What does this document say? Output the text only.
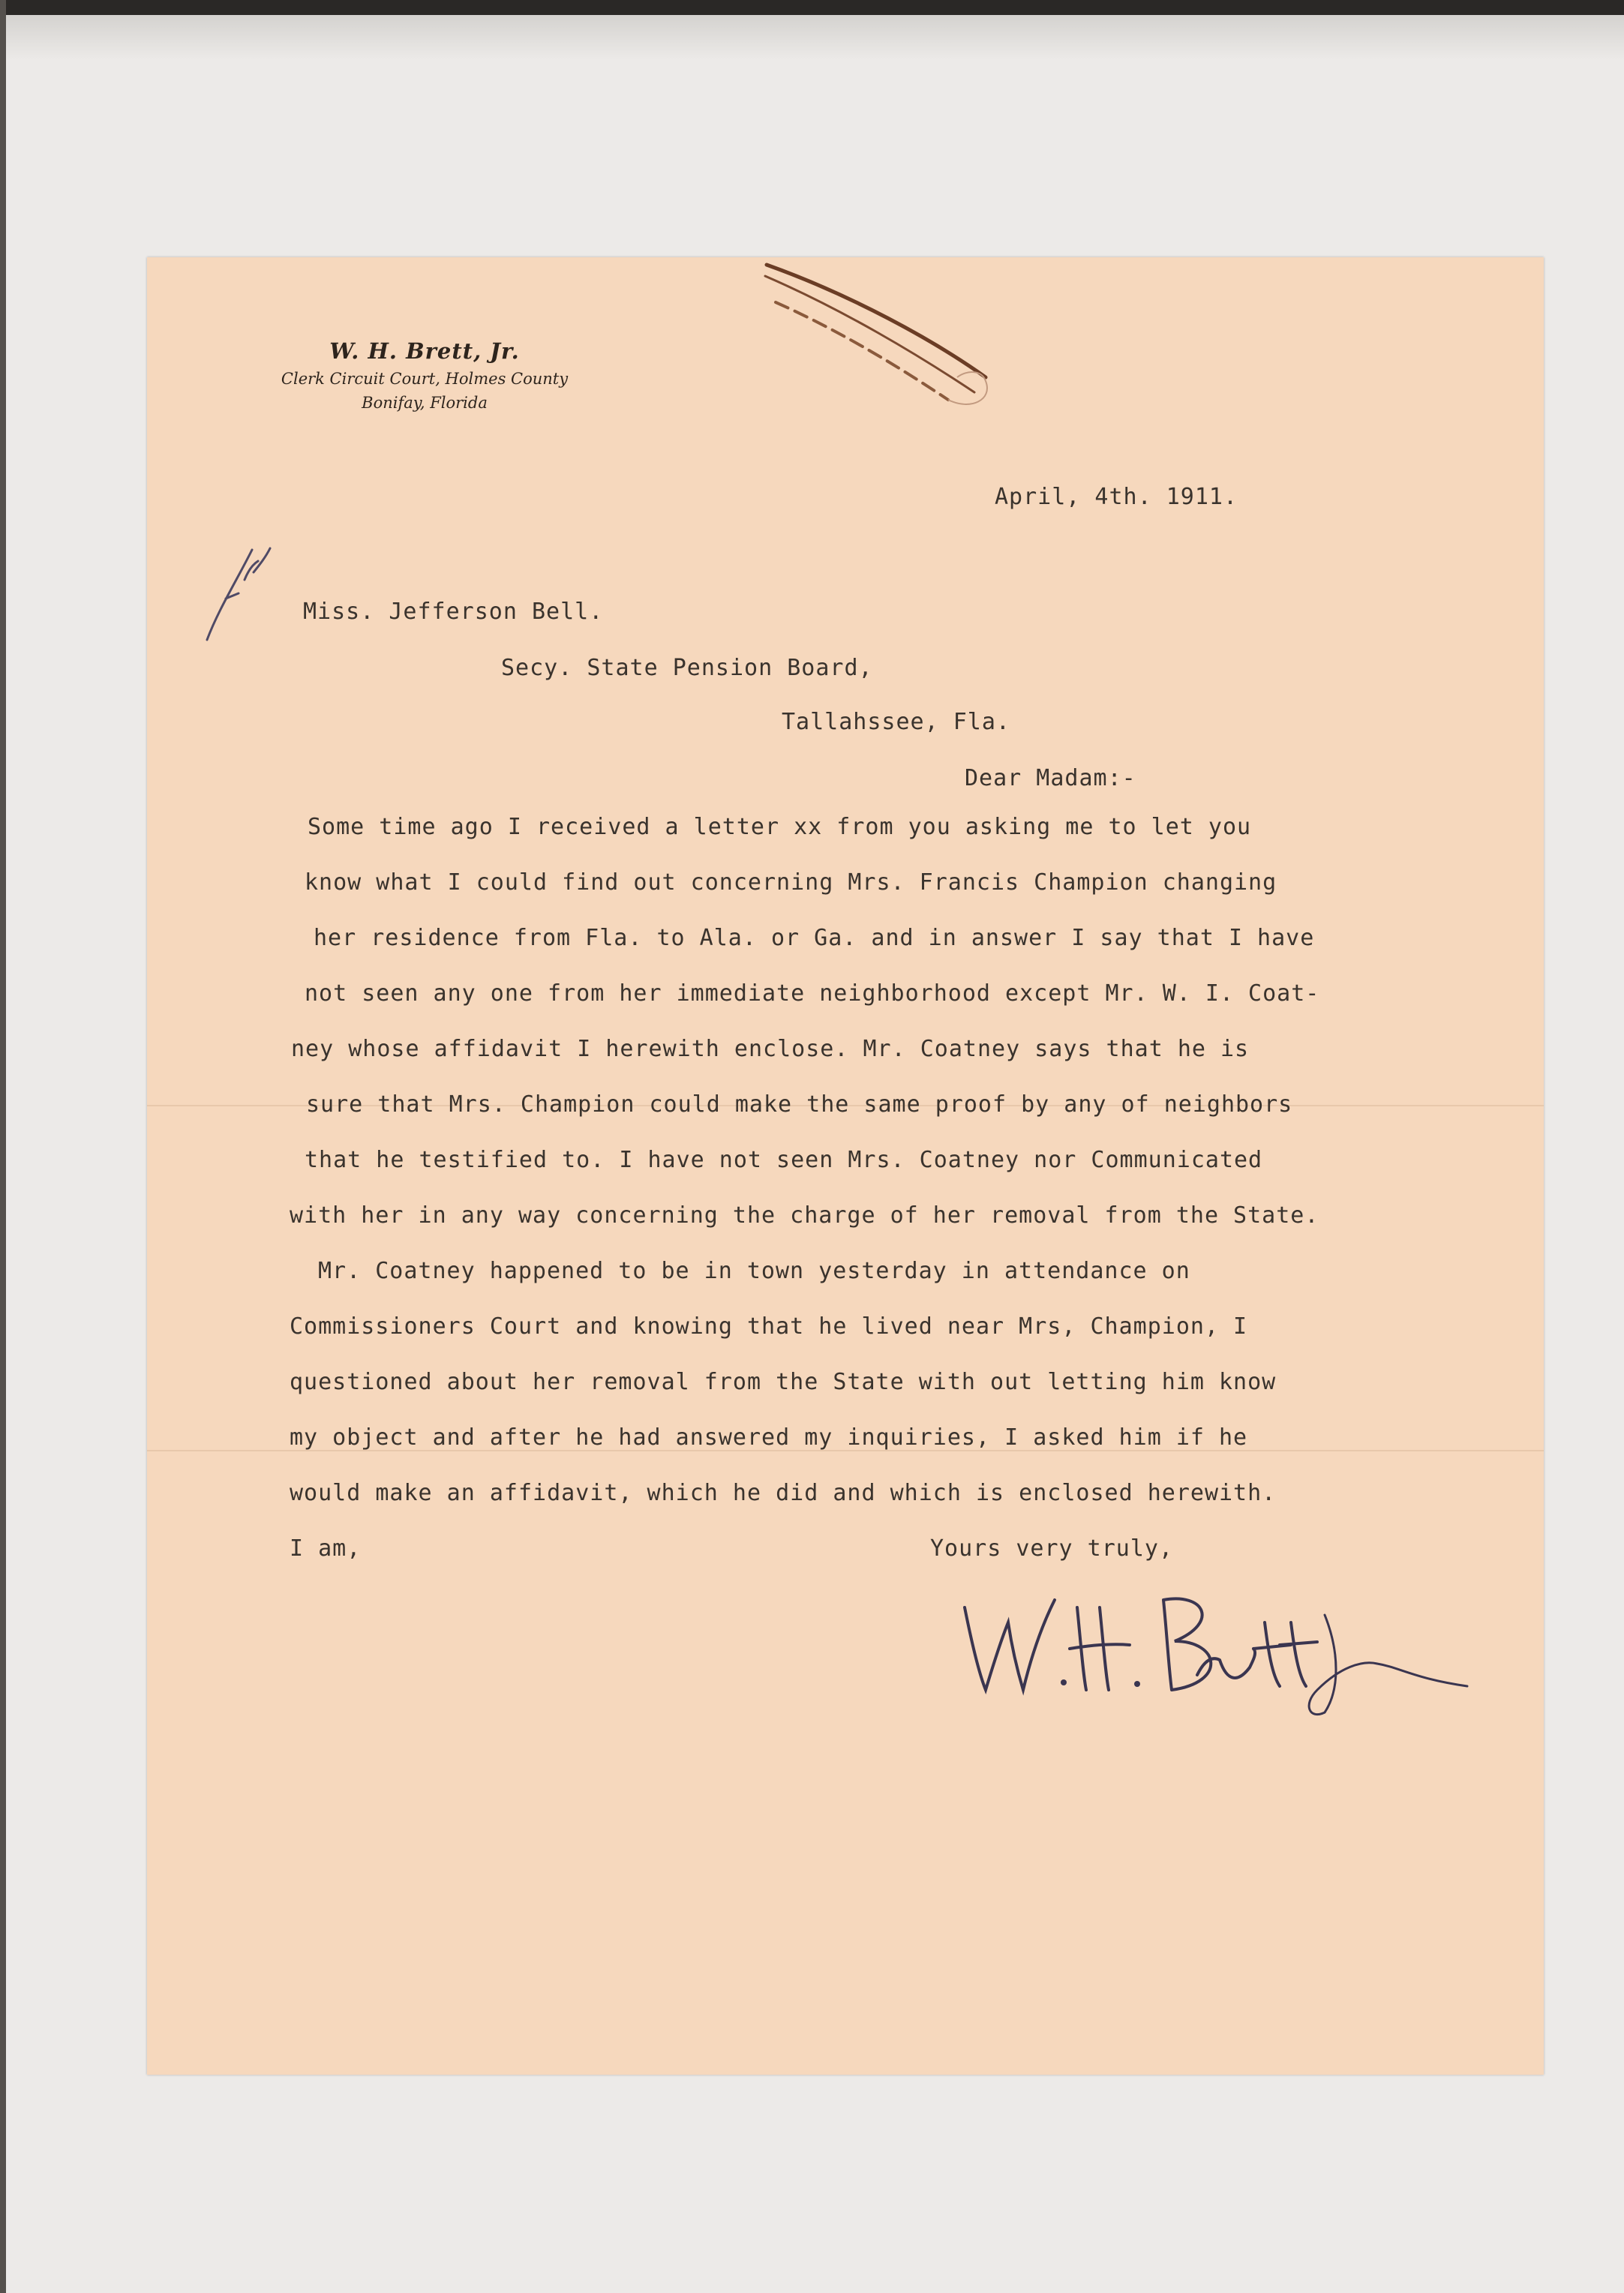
W. H. Brett, Jr.
Clerk Circuit Court, Holmes County
Bonifay, Florida
April, 4th. 1911.
Miss. Jefferson Bell.
Secy. State Pension Board,
Tallahssee, Fla.
Dear Madam:-
Some time ago I received a letter xx from you asking me to let you
know what I could find out concerning Mrs. Francis Champion changing
her residence from Fla. to Ala. or Ga. and in answer I say that I have
not seen any one from her immediate neighborhood except Mr. W. I. Coat-
ney whose affidavit I herewith enclose. Mr. Coatney says that he is
sure that Mrs. Champion could make the same proof by any of neighbors
that he testified to. I have not seen Mrs. Coatney nor Communicated
with her in any way concerning the charge of her removal from the State.
Mr. Coatney happened to be in town yesterday in attendance on
Commissioners Court and knowing that he lived near Mrs, Champion, I
questioned about her removal from the State with out letting him know
my object and after he had answered my inquiries, I asked him if he
would make an affidavit, which he did and which is enclosed herewith.
I am,	Yours very truly,
